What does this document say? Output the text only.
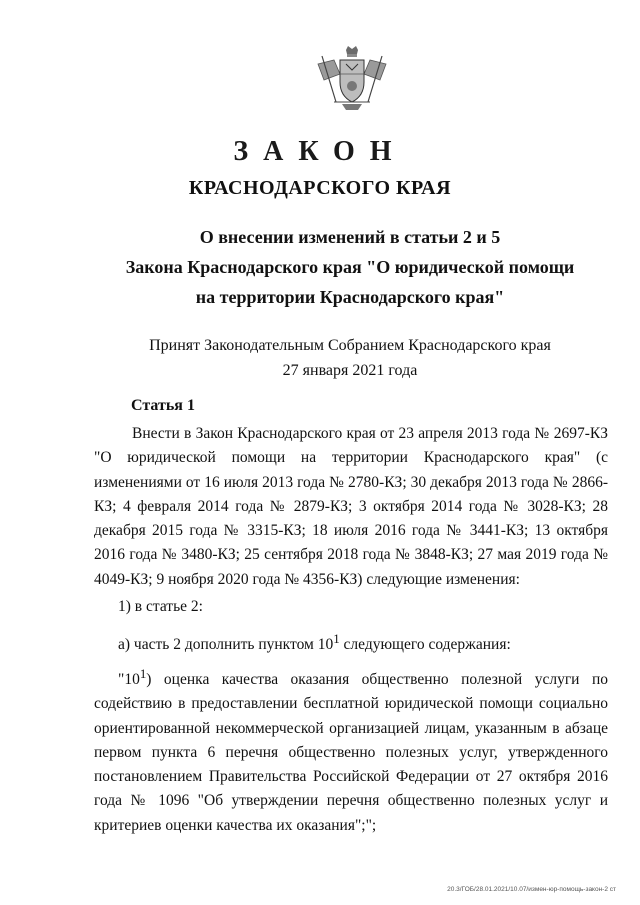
ЗАКОН
КРАСНОДАРСКОГО КРАЯ
О внесении изменений в статьи 2 и 5
Закона Краснодарского края "О юридической помощи
на территории Краснодарского края"
Принят Законодательным Собранием Краснодарского края
27 января 2021 года
Статья 1

Внести в Закон Краснодарского края от 23 апреля 2013 года № 2697-КЗ "О юридической помощи на территории Краснодарского края" (с изменениями от 16 июля 2013 года № 2780-КЗ; 30 декабря 2013 года № 2866-КЗ; 4 февраля 2014 года № 2879-КЗ; 3 октября 2014 года № 3028-КЗ; 28 декабря 2015 года № 3315-КЗ; 18 июля 2016 года № 3441-КЗ; 13 октября 2016 года № 3480-КЗ; 25 сентября 2018 года № 3848-КЗ; 27 мая 2019 года № 4049-КЗ; 9 ноября 2020 года № 4356-КЗ) следующие изменения:

1) в статье 2:

а) часть 2 дополнить пунктом $10^1$ следующего содержания:

"$10^1$) оценка качества оказания общественно полезной услуги по содействию в предоставлении бесплатной юридической помощи социально ориентированной некоммерческой организацией лицам, указанным в абзаце первом пункта 6 перечня общественно полезных услуг, утвержденного постановлением Правительства Российской Федерации от 27 октября 2016 года № 1096 "Об утверждении перечня общественно полезных услуг и критериев оценки качества их оказания";";

20.3/ГОБ/28.01.2021/10.07/измен-юр-помощь-закон-2 ст
